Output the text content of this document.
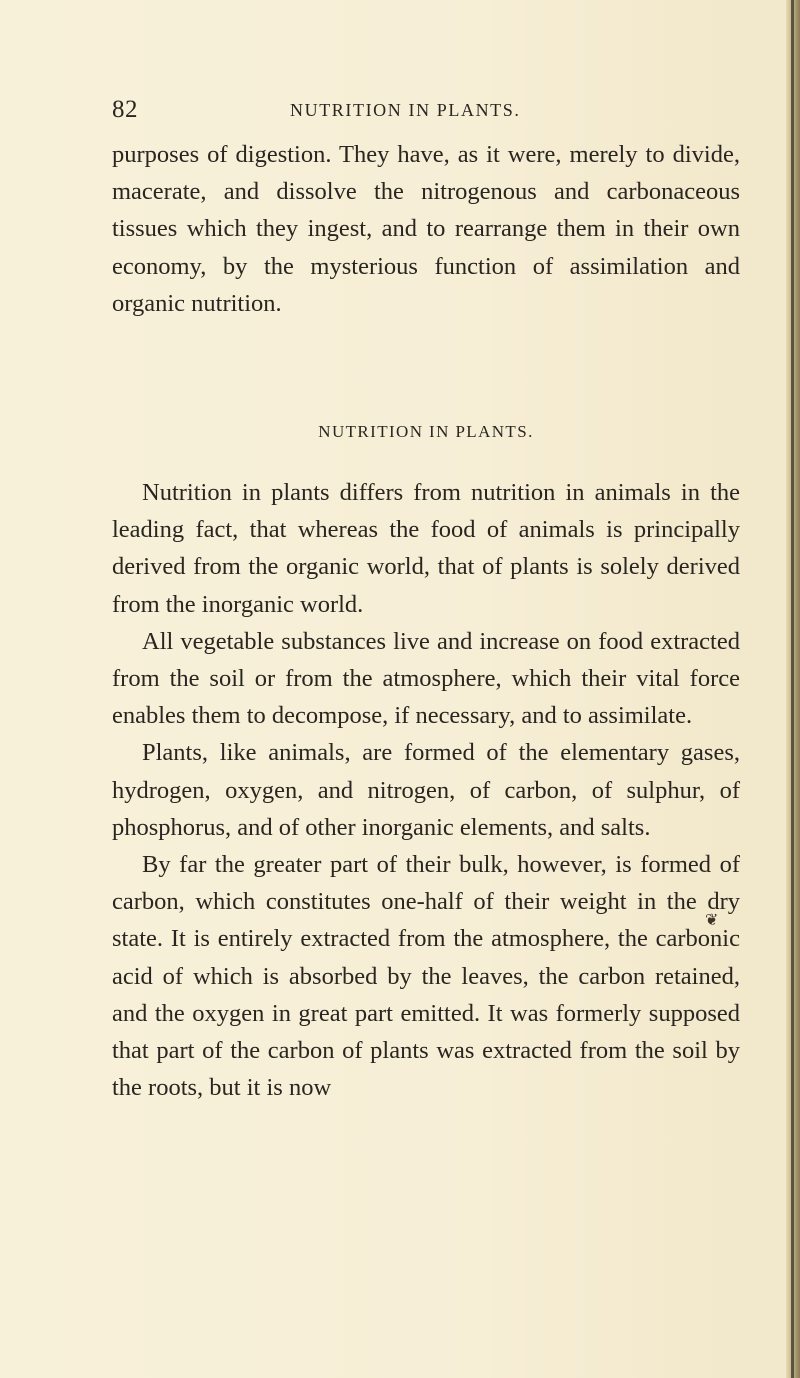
82	NUTRITION IN PLANTS.

purposes of digestion. They have, as it were, merely to divide, macerate, and dissolve the nitrogenous and carbonaceous tissues which they ingest, and to rearrange them in their own economy, by the mysterious function of assimilation and organic nutrition.

NUTRITION IN PLANTS.

Nutrition in plants differs from nutrition in animals in the leading fact, that whereas the food of animals is principally derived from the organic world, that of plants is solely derived from the inorganic world.

All vegetable substances live and increase on food extracted from the soil or from the atmosphere, which their vital force enables them to decompose, if necessary, and to assimilate.

Plants, like animals, are formed of the elementary gases, hydrogen, oxygen, and nitrogen, of carbon, of sulphur, of phosphorus, and of other inorganic elements, and salts.

By far the greater part of their bulk, however, is formed of carbon, which constitutes one-half of their weight in the dry state. It is entirely extracted from the atmosphere, the carbonic acid of which is absorbed by the leaves, the carbon retained, and the oxygen in great part emitted. It was formerly supposed that part of the carbon of plants was extracted from the soil by the roots, but it is now

❦
